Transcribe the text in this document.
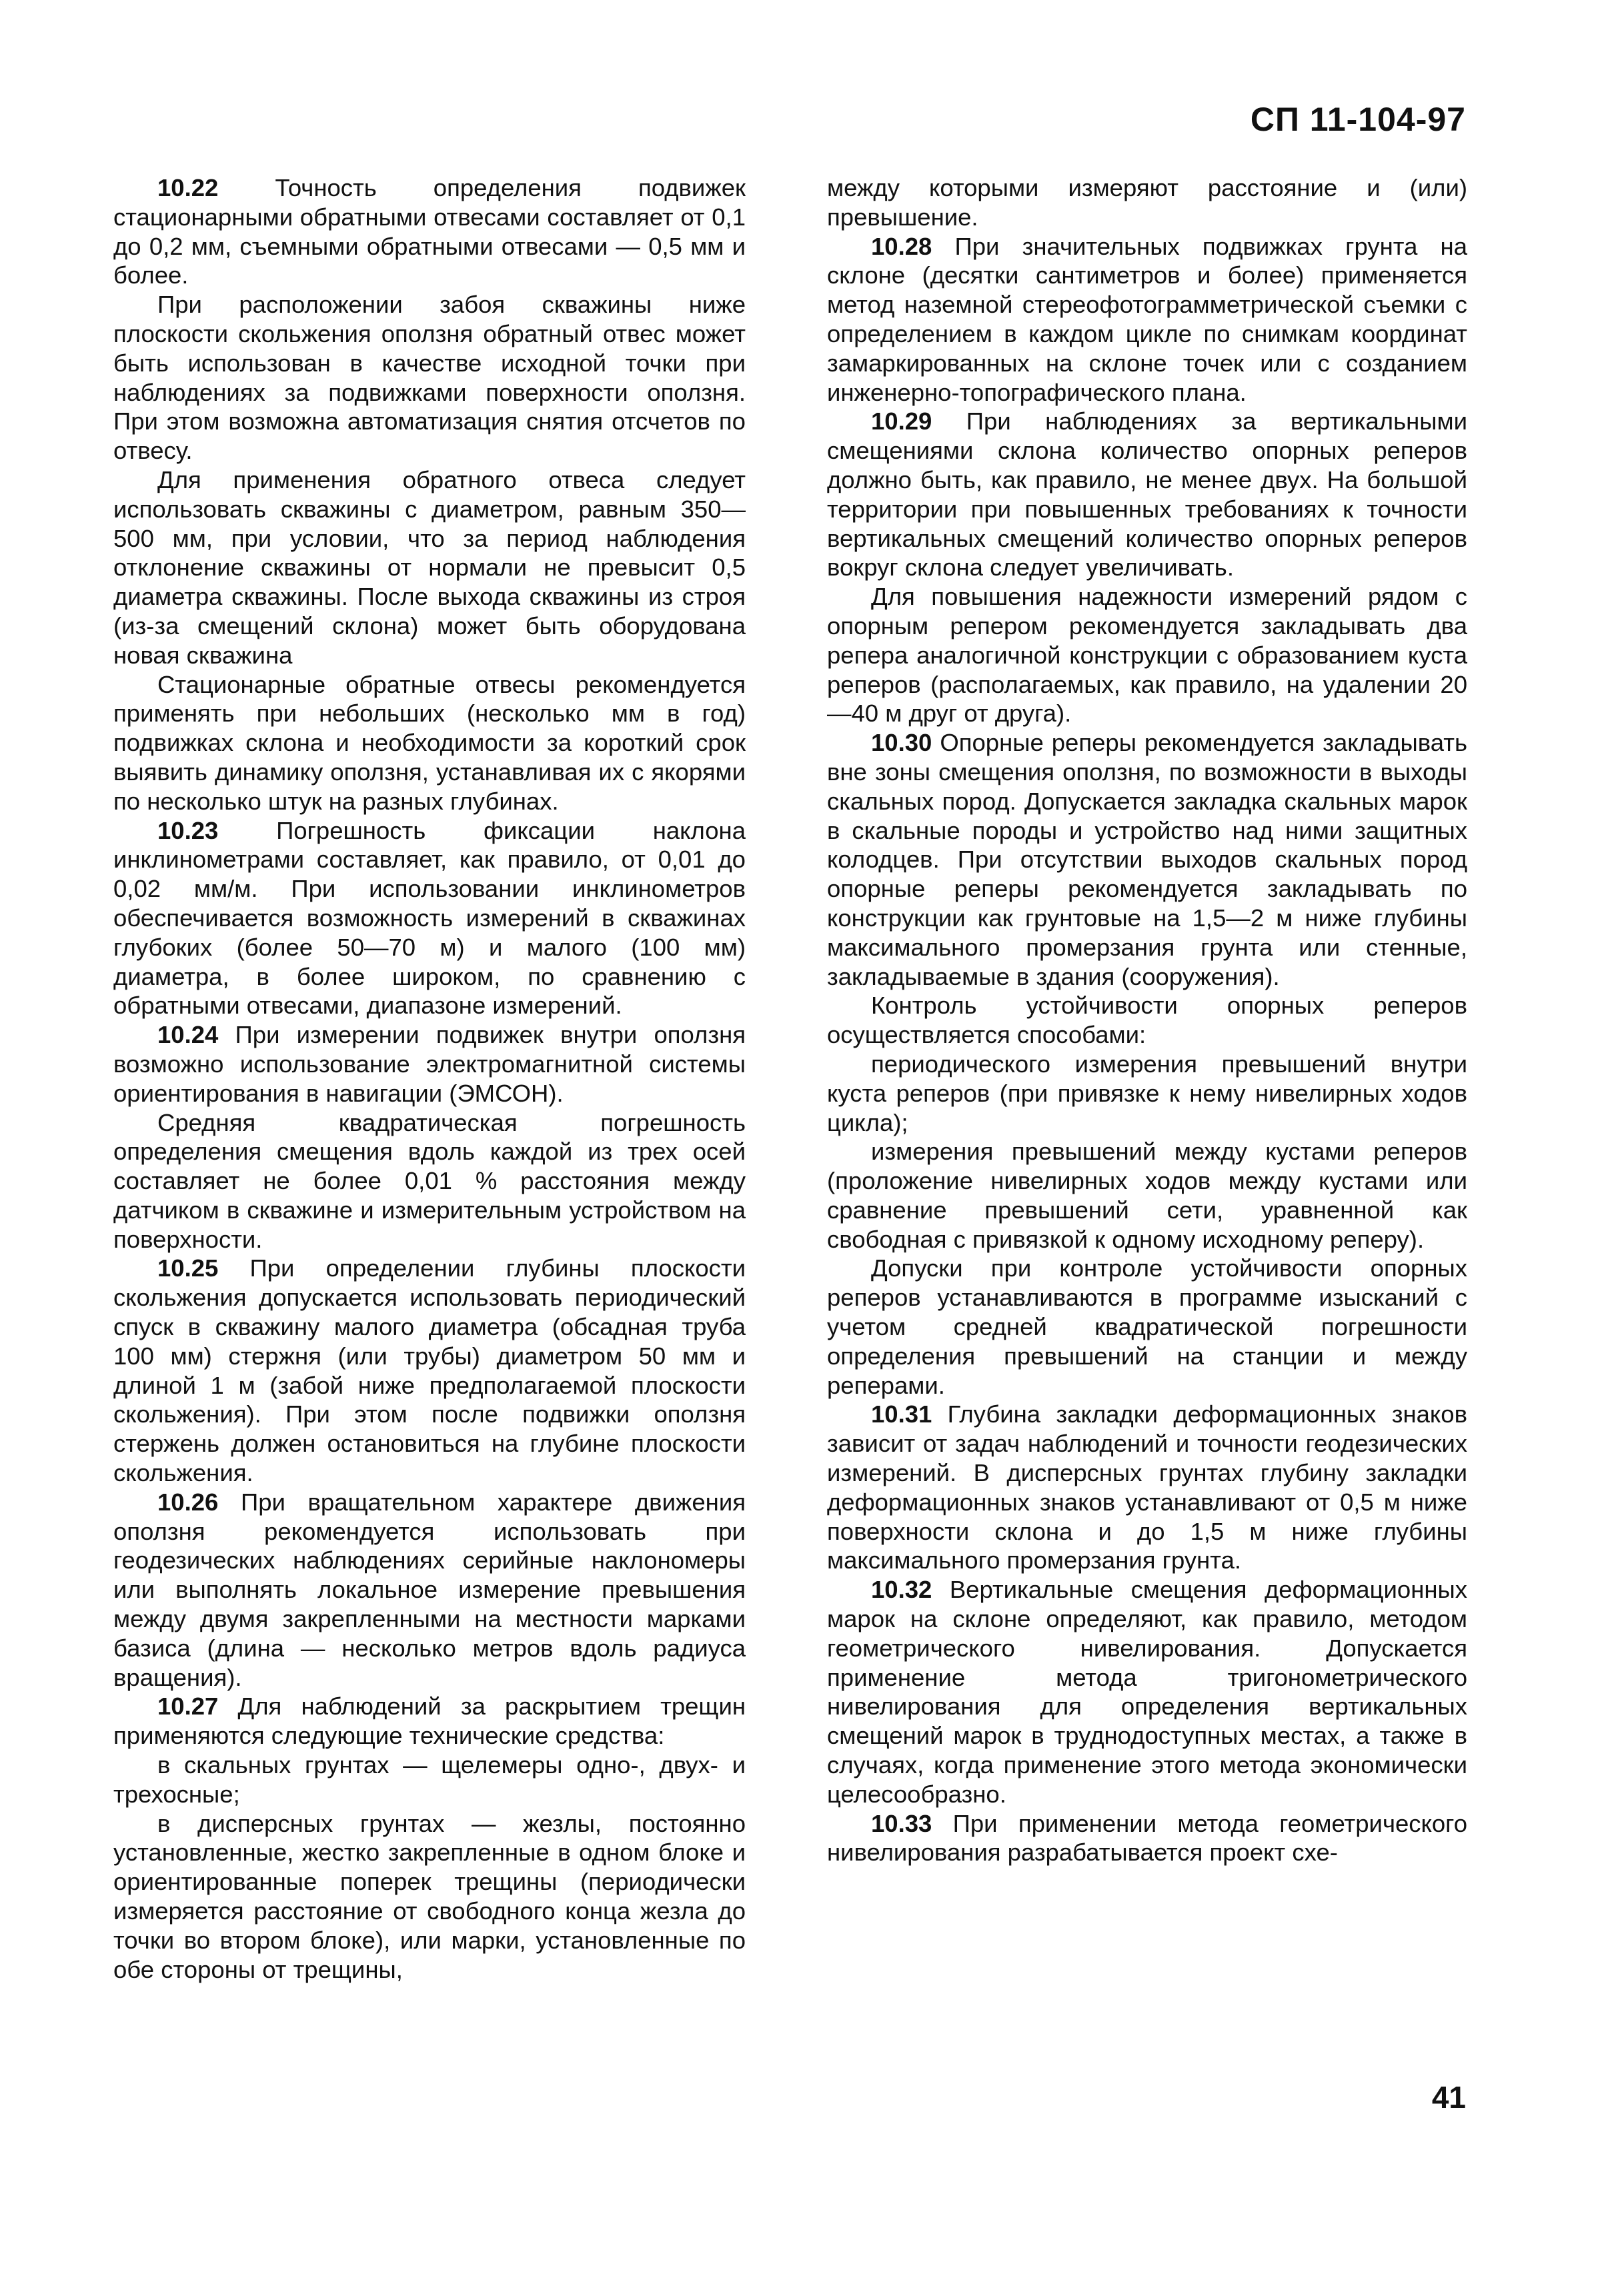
СП 11-104-97

10.22 Точность определения подвижек стационарными обратными отвесами составляет от 0,1 до 0,2 мм, съемными обратными отвесами — 0,5 мм и более.

При расположении забоя скважины ниже плоскости скольжения оползня обратный отвес может быть использован в качестве исходной точки при наблюдениях за подвижками поверхности оползня. При этом возможна автоматизация снятия отсчетов по отвесу.

Для применения обратного отвеса следует использовать скважины с диаметром, равным 350—500 мм, при условии, что за период наблюдения отклонение скважины от нормали не превысит 0,5 диаметра скважины. После выхода скважины из строя (из-за смещений склона) может быть оборудована новая скважина

Стационарные обратные отвесы рекомендуется применять при небольших (несколько мм в год) подвижках склона и необходимости за короткий срок выявить динамику оползня, устанавливая их с якорями по несколько штук на разных глубинах.

10.23 Погрешность фиксации наклона инклинометрами составляет, как правило, от 0,01 до 0,02 мм/м. При использовании инклинометров обеспечивается возможность измерений в скважинах глубоких (более 50—70 м) и малого (100 мм) диаметра, в более широком, по сравнению с обратными отвесами, диапазоне измерений.

10.24 При измерении подвижек внутри оползня возможно использование электромагнитной системы ориентирования в навигации (ЭМСОН).

Средняя квадратическая погрешность определения смещения вдоль каждой из трех осей составляет не более 0,01 % расстояния между датчиком в скважине и измерительным устройством на поверхности.

10.25 При определении глубины плоскости скольжения допускается использовать периодический спуск в скважину малого диаметра (обсадная труба 100 мм) стержня (или трубы) диаметром 50 мм и длиной 1 м (забой ниже предполагаемой плоскости скольжения). При этом после подвижки оползня стержень должен остановиться на глубине плоскости скольжения.

10.26 При вращательном характере движения оползня рекомендуется использовать при геодезических наблюдениях серийные наклономеры или выполнять локальное измерение превышения между двумя закрепленными на местности марками базиса (длина — несколько метров вдоль радиуса вращения).

10.27 Для наблюдений за раскрытием трещин применяются следующие технические средства:

в скальных грунтах — щелемеры одно-, двух- и трехосные;

в дисперсных грунтах — жезлы, постоянно установленные, жестко закрепленные в одном блоке и ориентированные поперек трещины (периодически измеряется расстояние от свободного конца жезла до точки во втором блоке), или марки, установленные по обе стороны от трещины,

между которыми измеряют расстояние и (или) превышение.

10.28 При значительных подвижках грунта на склоне (десятки сантиметров и более) применяется метод наземной стереофотограмметрической съемки с определением в каждом цикле по снимкам координат замаркированных на склоне точек или с созданием инженерно-топографического плана.

10.29 При наблюдениях за вертикальными смещениями склона количество опорных реперов должно быть, как правило, не менее двух. На большой территории при повышенных требованиях к точности вертикальных смещений количество опорных реперов вокруг склона следует увеличивать.

Для повышения надежности измерений рядом с опорным репером рекомендуется закладывать два репера аналогичной конструкции с образованием куста реперов (располагаемых, как правило, на удалении 20—40 м друг от друга).

10.30 Опорные реперы рекомендуется закладывать вне зоны смещения оползня, по возможности в выходы скальных пород. Допускается закладка скальных марок в скальные породы и устройство над ними защитных колодцев. При отсутствии выходов скальных пород опорные реперы рекомендуется закладывать по конструкции как грунтовые на 1,5—2 м ниже глубины максимального промерзания грунта или стенные, закладываемые в здания (сооружения).

Контроль устойчивости опорных реперов осуществляется способами:

периодического измерения превышений внутри куста реперов (при привязке к нему нивелирных ходов цикла);

измерения превышений между кустами реперов (проложение нивелирных ходов между кустами или сравнение превышений сети, уравненной как свободная с привязкой к одному исходному реперу).

Допуски при контроле устойчивости опорных реперов устанавливаются в программе изысканий с учетом средней квадратической погрешности определения превышений на станции и между реперами.

10.31 Глубина закладки деформационных знаков зависит от задач наблюдений и точности геодезических измерений. В дисперсных грунтах глубину закладки деформационных знаков устанавливают от 0,5 м ниже поверхности склона и до 1,5 м ниже глубины максимального промерзания грунта.

10.32 Вертикальные смещения деформационных марок на склоне определяют, как правило, методом геометрического нивелирования. Допускается применение метода тригонометрического нивелирования для определения вертикальных смещений марок в труднодоступных местах, а также в случаях, когда применение этого метода экономически целесообразно.

10.33 При применении метода геометрического нивелирования разрабатывается проект схе-

41
